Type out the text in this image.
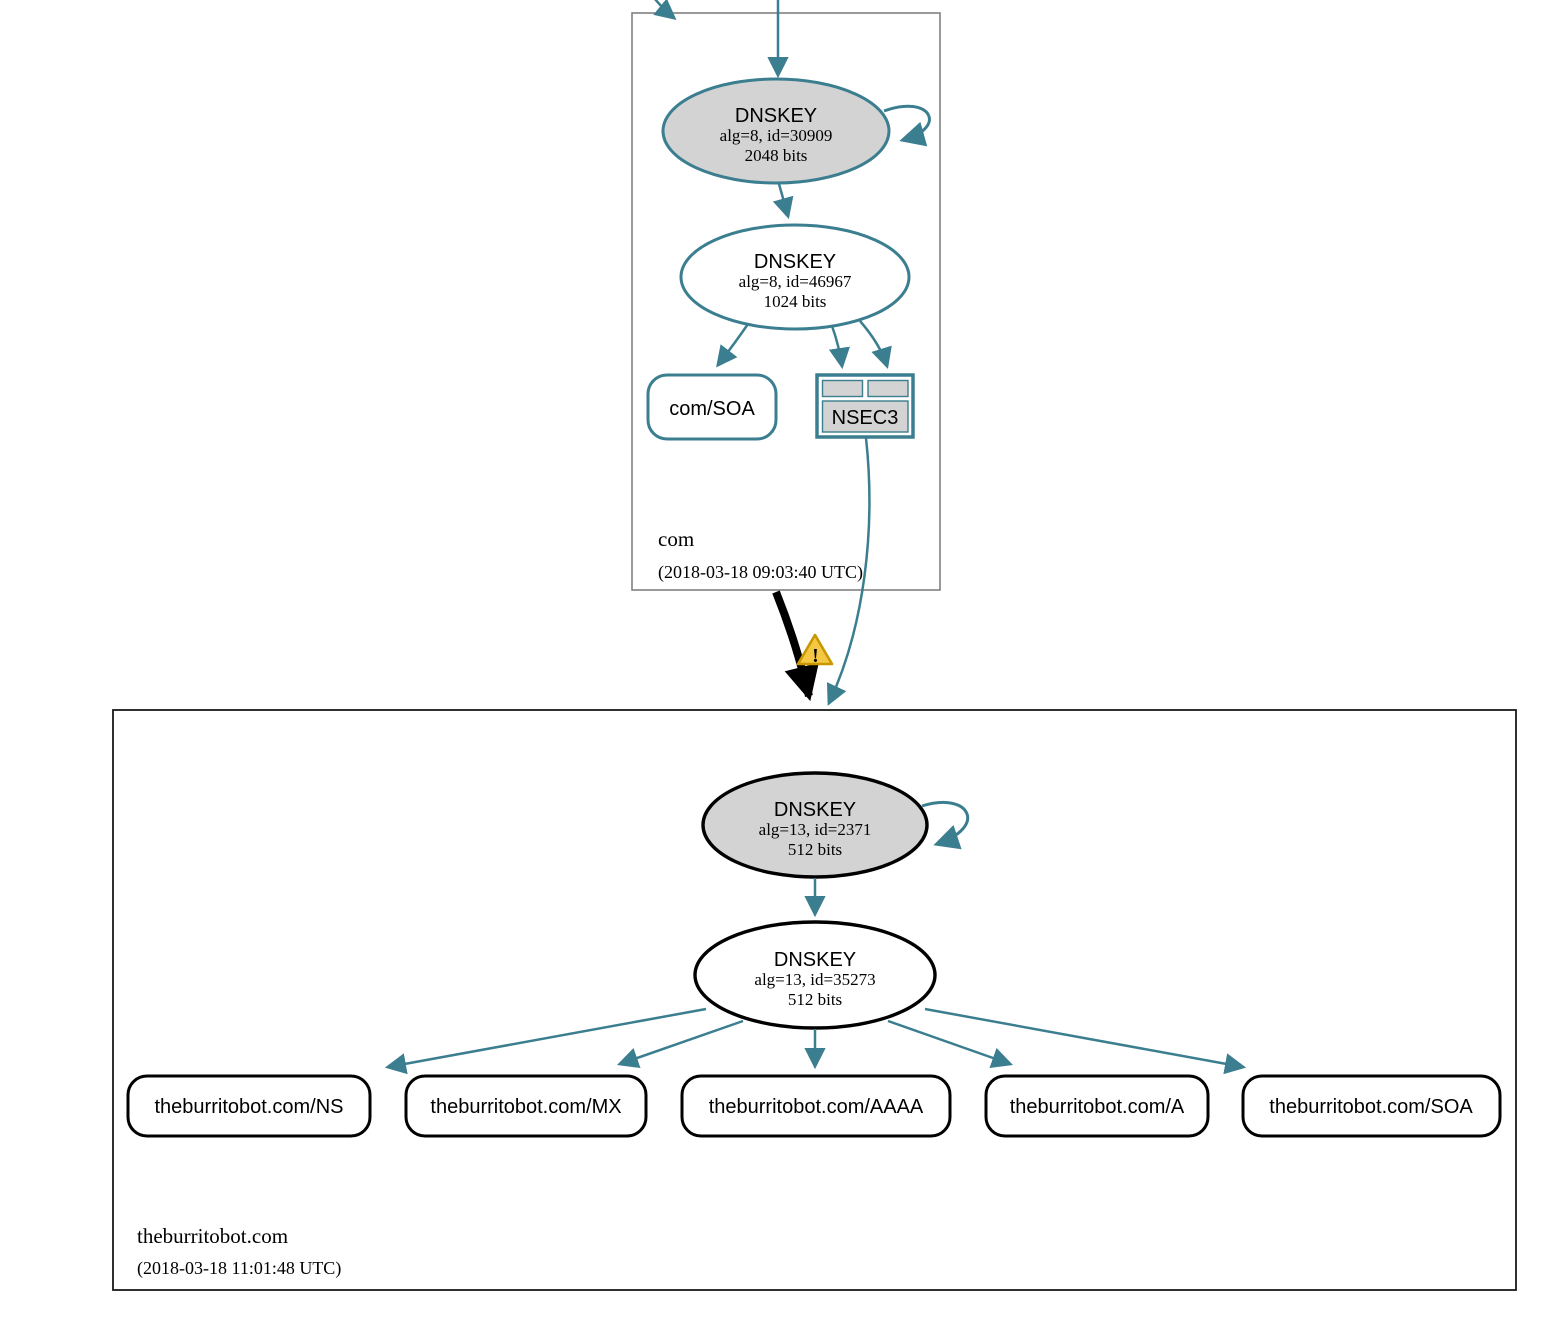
com
(2018-03-18 09:03:40 UTC)
DNSKEY
alg=8, id=30909
2048 bits
DNSKEY
alg=8, id=46967
1024 bits
com/SOA	NSEC3
!
theburritobot.com
(2018-03-18 11:01:48 UTC)
DNSKEY
alg=13, id=2371
512 bits
DNSKEY
alg=13, id=35273
512 bits
theburritobot.com/NS	theburritobot.com/MX	theburritobot.com/AAAA	theburritobot.com/A	theburritobot.com/SOA
